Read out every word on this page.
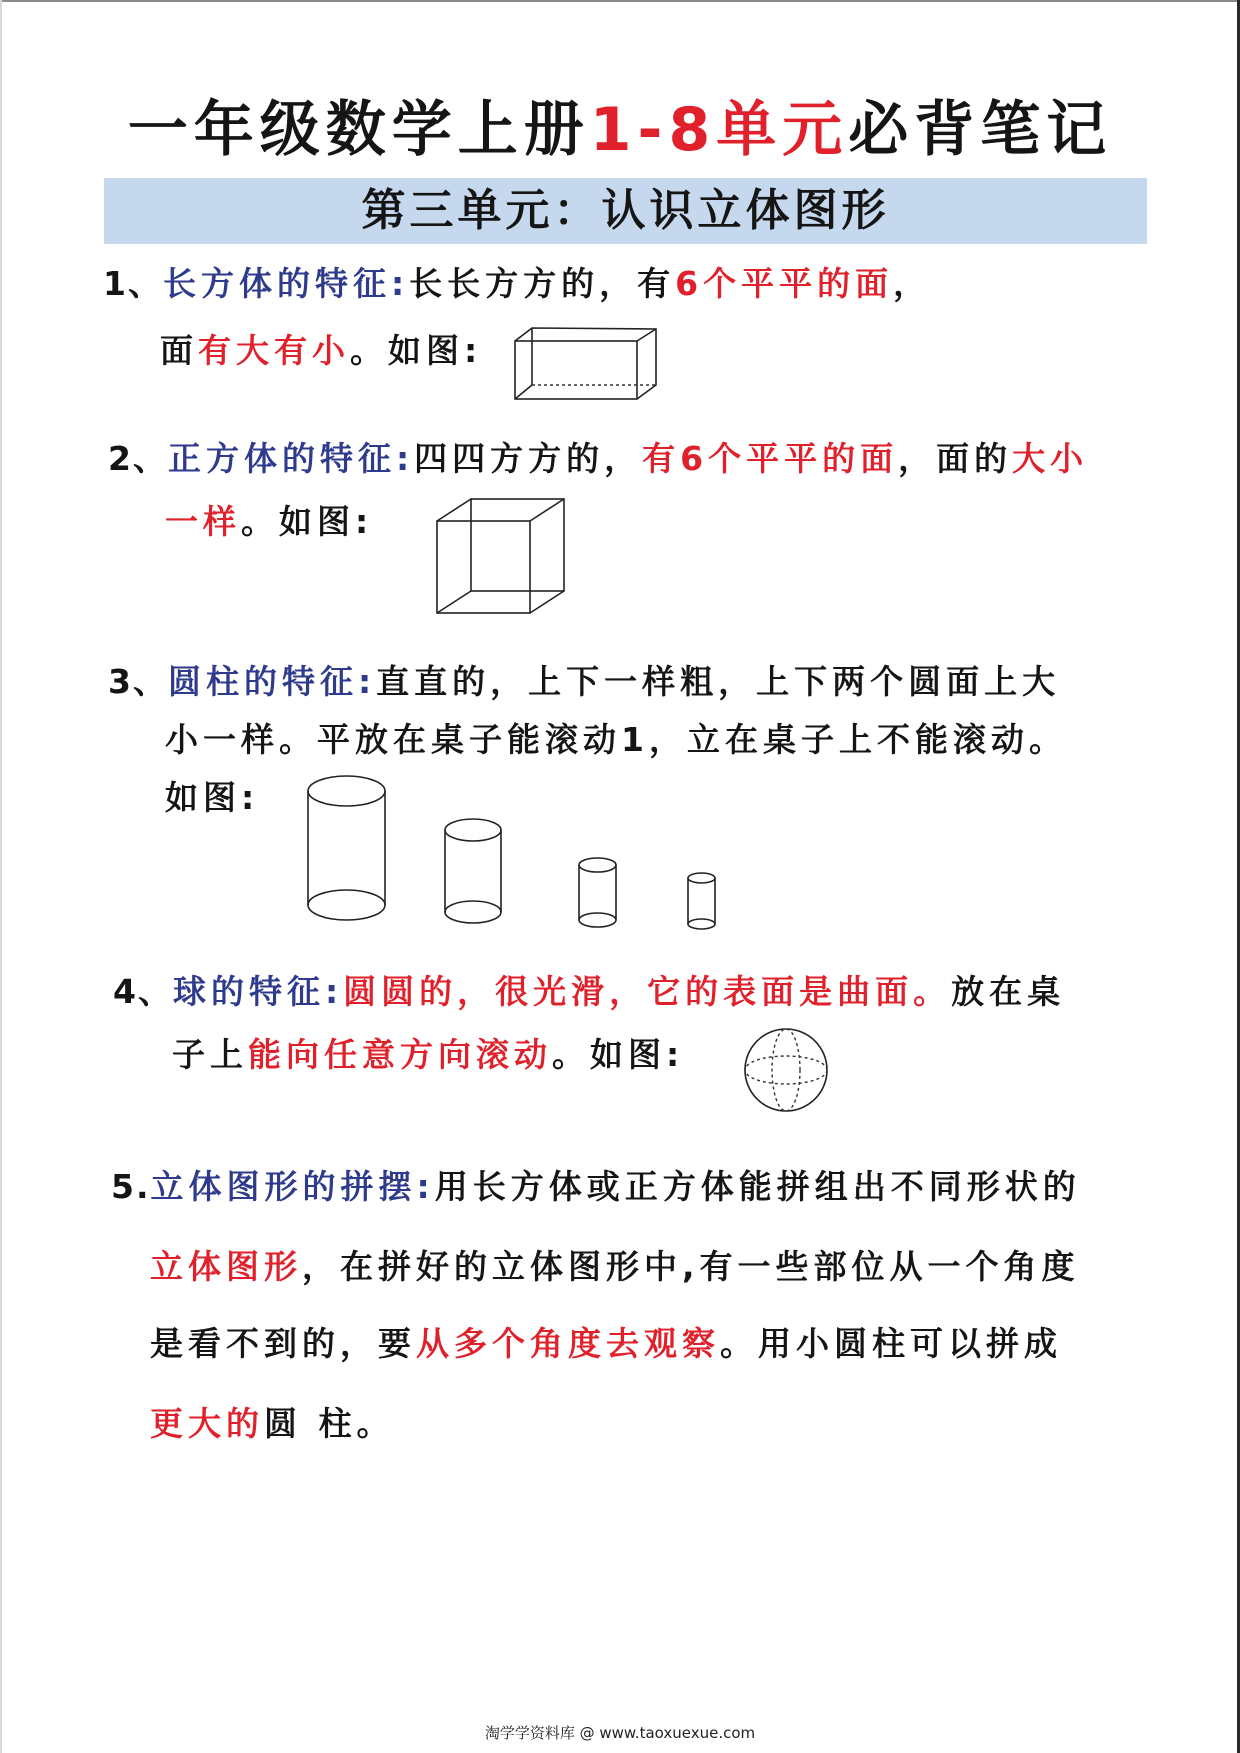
一年级数学上册1-8单元必背笔记
第三单元：认识立体图形
1、长方体的特征:长长方方的，有6个平平的面，
面有大有小。如图:
2、正方体的特征:四四方方的，有6个平平的面，面的大小
一样。如图:
3、圆柱的特征:直直的，上下一样粗，上下两个圆面上大
小一样。平放在桌子能滚动1，立在桌子上不能滚动。
如图:
4、球的特征:圆圆的，很光滑，它的表面是曲面。放在桌
子上能向任意方向滚动。如图:
5.立体图形的拼摆:用长方体或正方体能拼组出不同形状的
立体图形，在拼好的立体图形中,有一些部位从一个角度
是看不到的，要从多个角度去观察。用小圆柱可以拼成
更大的圆 柱。
淘学学资料库 @ www.taoxuexue.com
